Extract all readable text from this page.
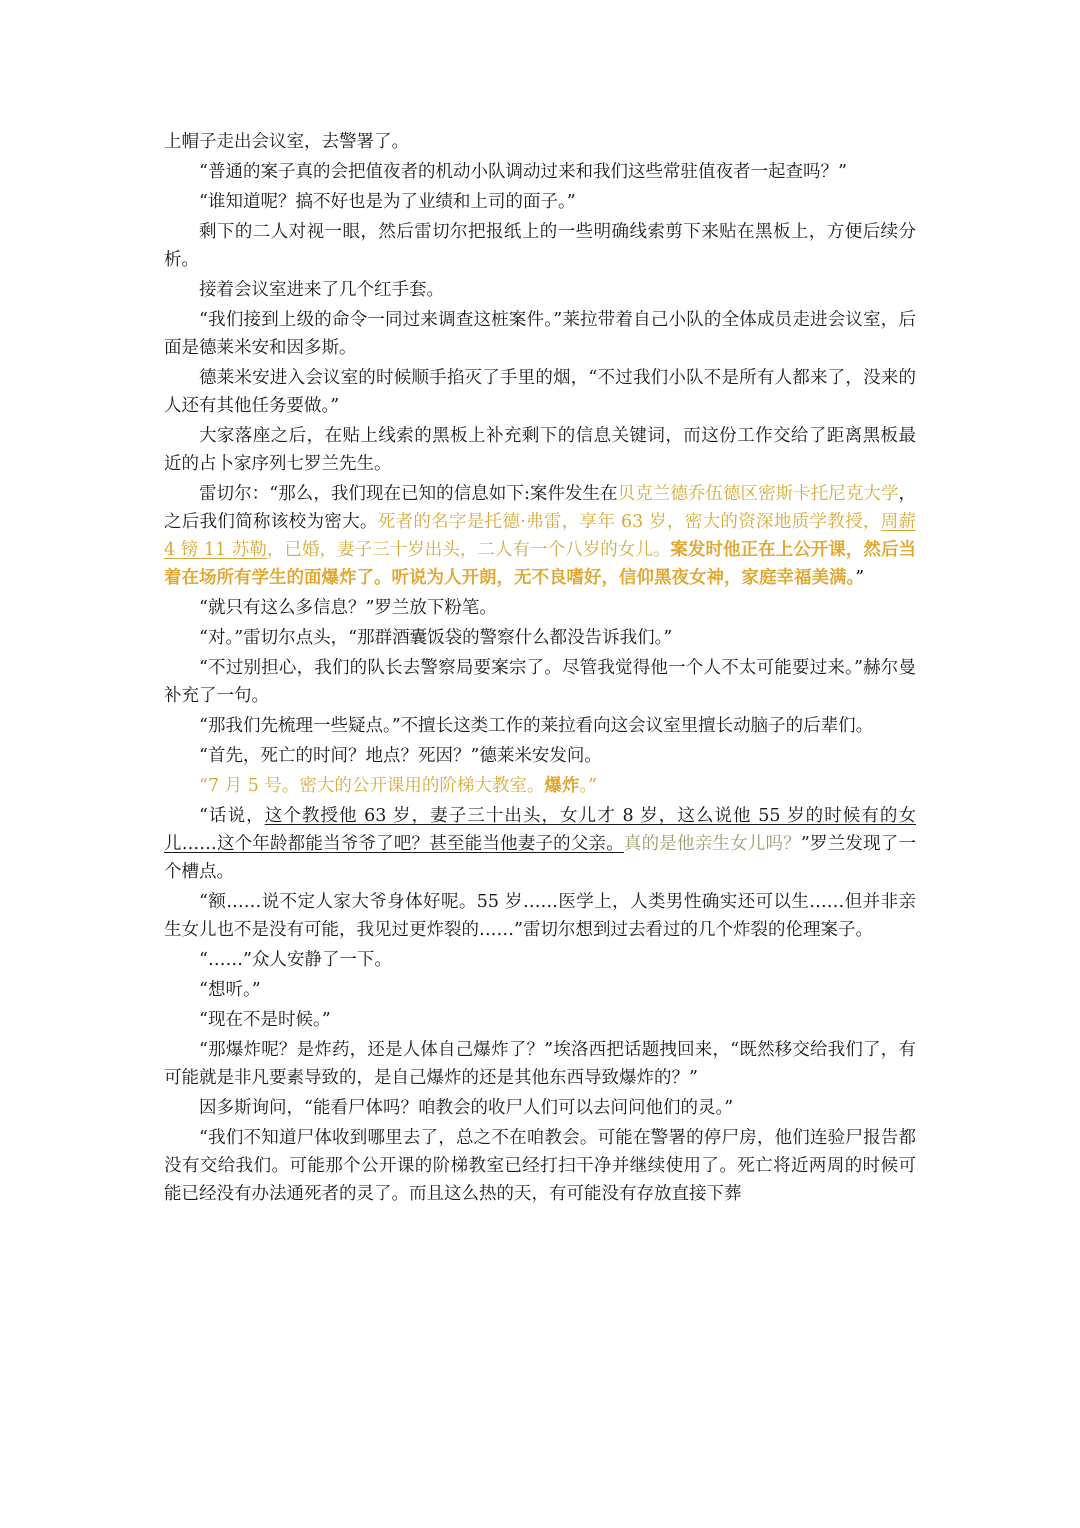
上帽子走出会议室，去警署了。

“普通的案子真的会把值夜者的机动小队调动过来和我们这些常驻值夜者一起查吗？”

“谁知道呢？搞不好也是为了业绩和上司的面子。”

剩下的二人对视一眼，然后雷切尔把报纸上的一些明确线索剪下来贴在黑板上，方便后续分析。

接着会议室进来了几个红手套。

“我们接到上级的命令一同过来调查这桩案件。”莱拉带着自己小队的全体成员走进会议室，后面是德莱米安和因多斯。

德莱米安进入会议室的时候顺手掐灭了手里的烟，“不过我们小队不是所有人都来了，没来的人还有其他任务要做。”

大家落座之后，在贴上线索的黑板上补充剩下的信息关键词，而这份工作交给了距离黑板最近的占卜家序列七罗兰先生。

雷切尔：“那么，我们现在已知的信息如下:案件发生在贝克兰德乔伍德区密斯卡托尼克大学，之后我们简称该校为密大。死者的名字是托德·弗雷，享年 63 岁，密大的资深地质学教授，周薪 4 镑 11 苏勒，已婚，妻子三十岁出头，二人有一个八岁的女儿。案发时他正在上公开课，然后当着在场所有学生的面爆炸了。听说为人开朗，无不良嗜好，信仰黑夜女神，家庭幸福美满。”

“就只有这么多信息？”罗兰放下粉笔。

“对。”雷切尔点头，“那群酒囊饭袋的警察什么都没告诉我们。”

“不过别担心，我们的队长去警察局要案宗了。尽管我觉得他一个人不太可能要过来。”赫尔曼补充了一句。

“那我们先梳理一些疑点。”不擅长这类工作的莱拉看向这会议室里擅长动脑子的后辈们。

“首先，死亡的时间？地点？死因？”德莱米安发问。

“7 月 5 号。密大的公开课用的阶梯大教室。爆炸。”

“话说，这个教授他 63 岁，妻子三十出头，女儿才 8 岁，这么说他 55 岁的时候有的女儿……这个年龄都能当爷爷了吧？甚至能当他妻子的父亲。真的是他亲生女儿吗？”罗兰发现了一个槽点。

“额……说不定人家大爷身体好呢。55 岁……医学上，人类男性确实还可以生……但并非亲生女儿也不是没有可能，我见过更炸裂的……”雷切尔想到过去看过的几个炸裂的伦理案子。

“……”众人安静了一下。

“想听。”

“现在不是时候。”

“那爆炸呢？是炸药，还是人体自己爆炸了？”埃洛西把话题拽回来，“既然移交给我们了，有可能就是非凡要素导致的，是自己爆炸的还是其他东西导致爆炸的？”

因多斯询问，“能看尸体吗？咱教会的收尸人们可以去问问他们的灵。”

“我们不知道尸体收到哪里去了，总之不在咱教会。可能在警署的停尸房，他们连验尸报告都没有交给我们。可能那个公开课的阶梯教室已经打扫干净并继续使用了。死亡将近两周的时候可能已经没有办法通死者的灵了。而且这么热的天，有可能没有存放直接下葬
